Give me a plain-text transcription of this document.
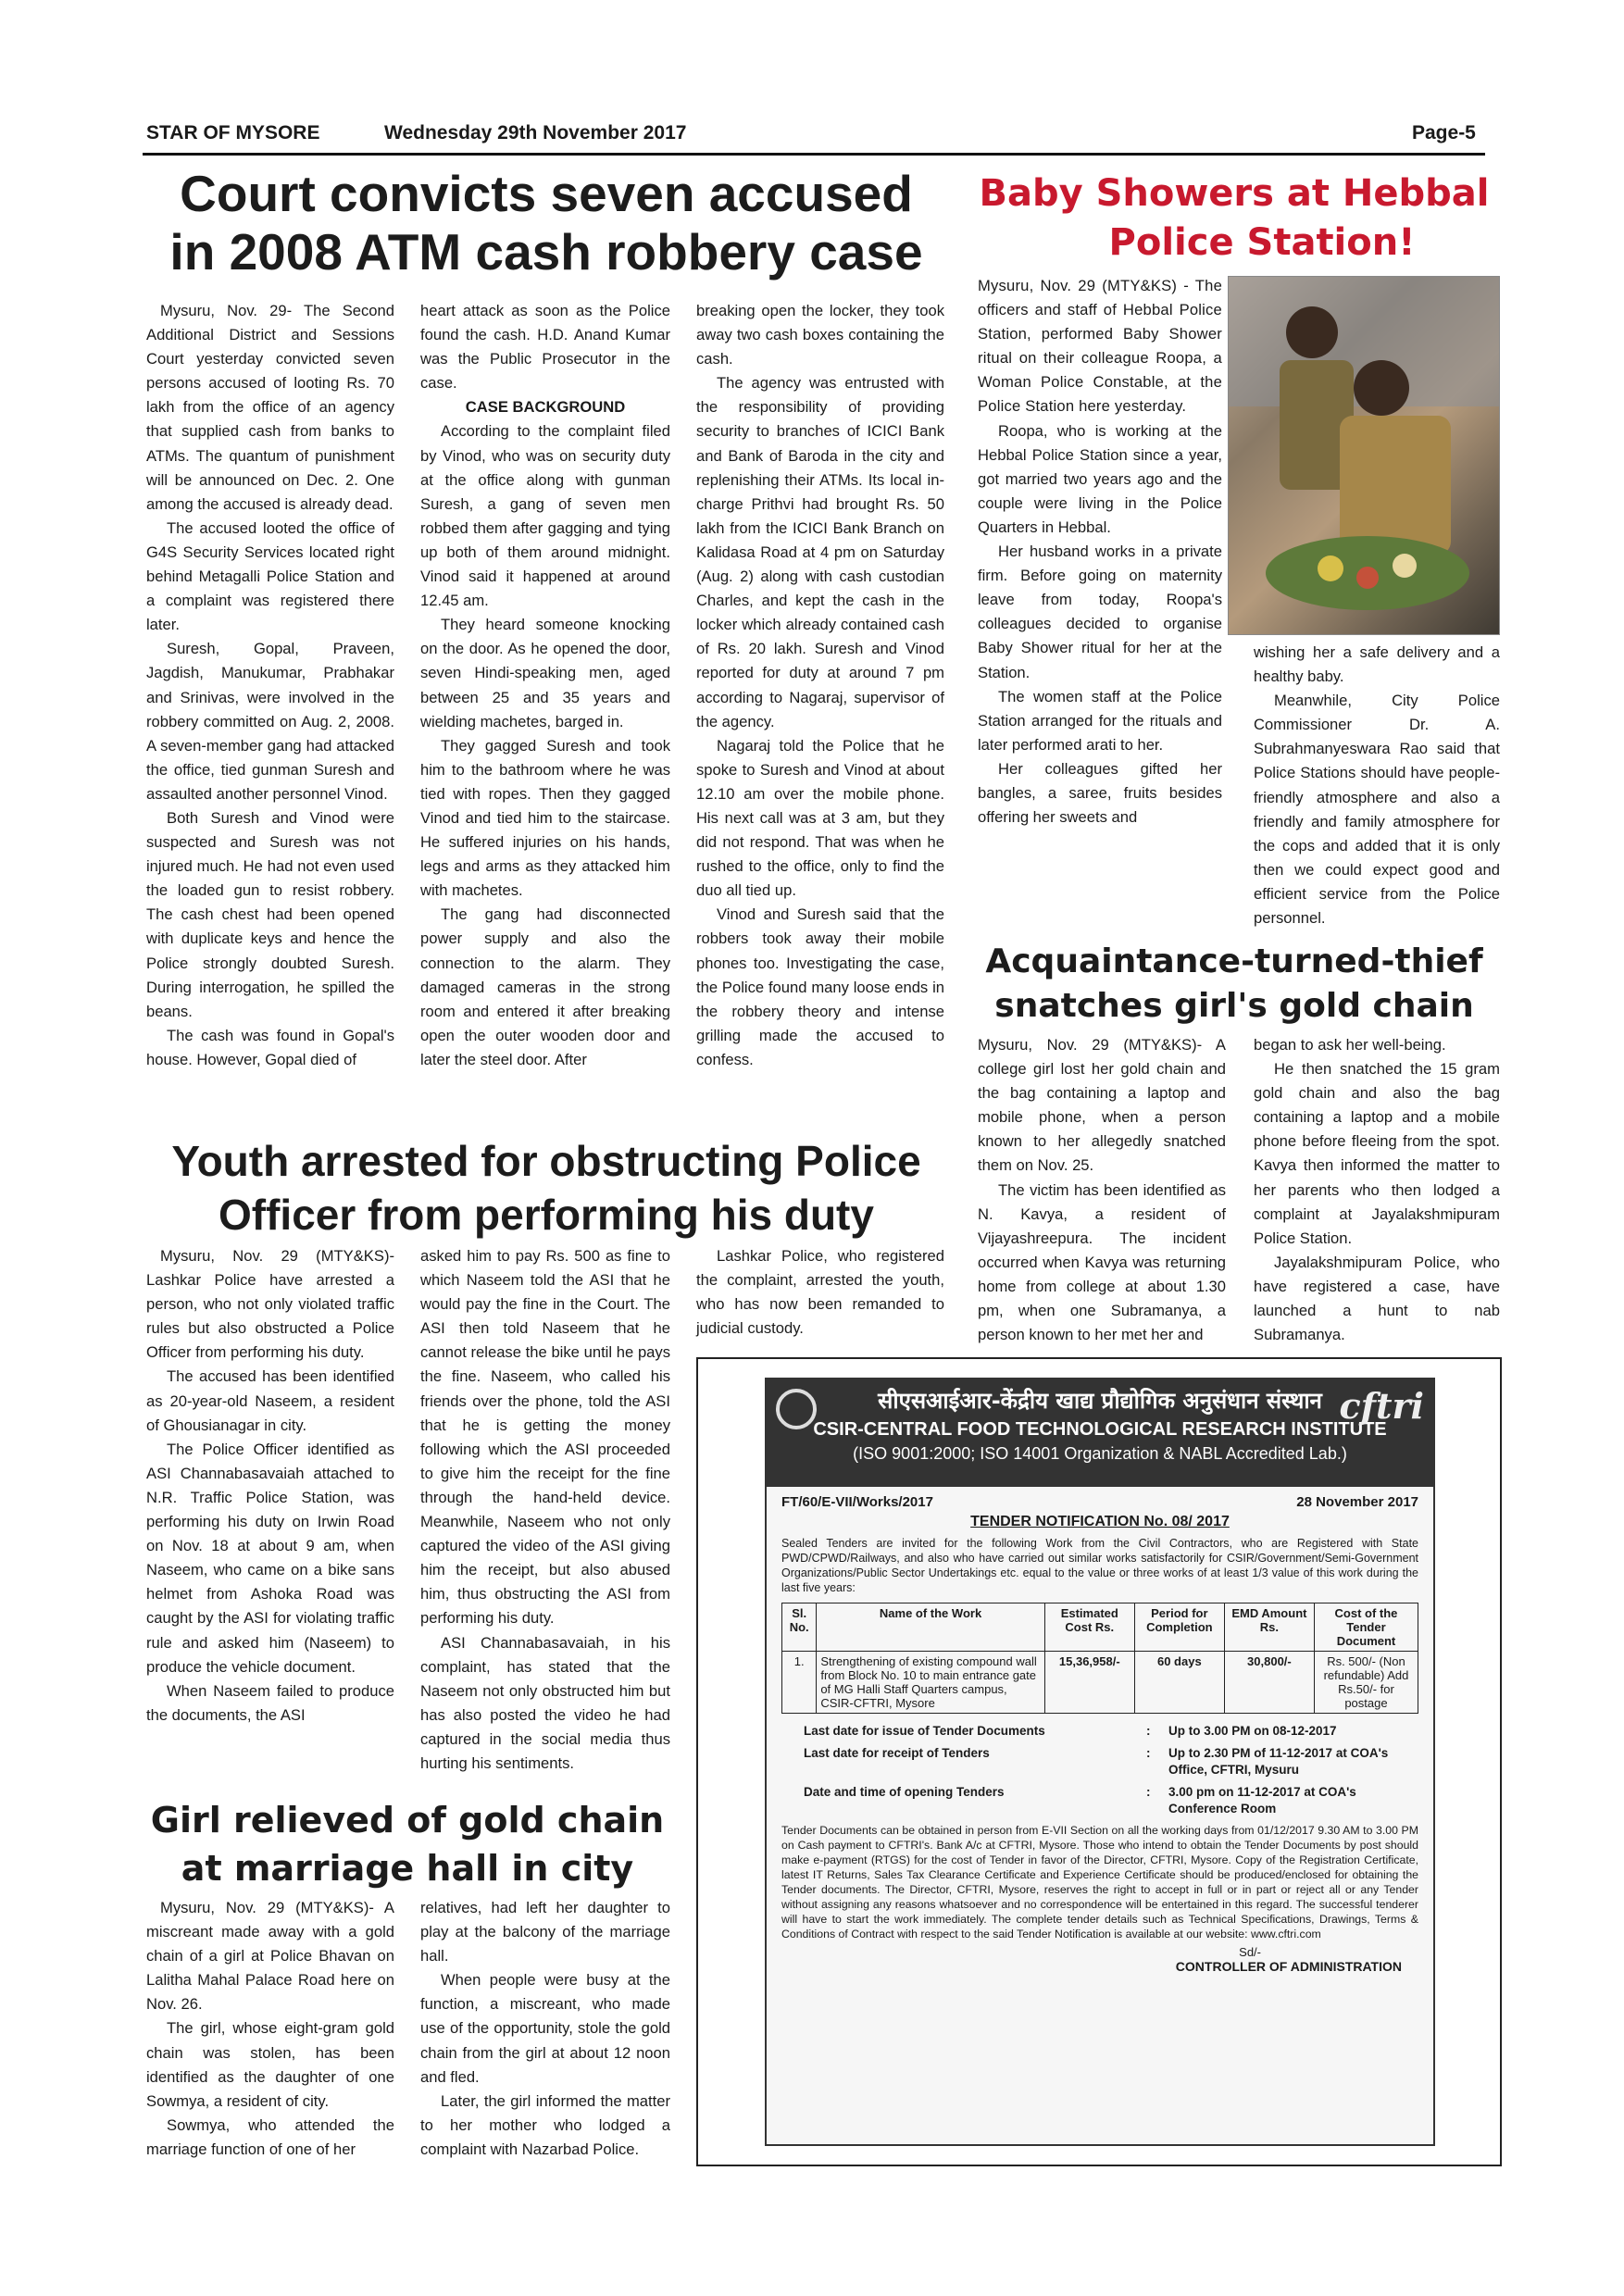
STAR OF MYSORE	Wednesday 29th November 2017	Page-5
Court convicts seven accused
in 2008 ATM cash robbery case

Mysuru, Nov. 29- The Second Additional District and Sessions Court yesterday convicted seven persons accused of looting Rs. 70 lakh from the office of an agency that supplied cash from banks to ATMs. The quantum of punishment will be announced on Dec. 2. One among the accused is already dead.

The accused looted the office of G4S Security Services located right behind Metagalli Police Station and a complaint was registered there later.

Suresh, Gopal, Praveen, Jagdish, Manukumar, Prabhakar and Srinivas, were involved in the robbery committed on Aug. 2, 2008. A seven-member gang had attacked the office, tied gunman Suresh and assaulted another personnel Vinod.

Both Suresh and Vinod were suspected and Suresh was not injured much. He had not even used the loaded gun to resist robbery. The cash chest had been opened with duplicate keys and hence the Police strongly doubted Suresh. During interrogation, he spilled the beans.

The cash was found in Gopal's house. However, Gopal died of

heart attack as soon as the Police found the cash. H.D. Anand Kumar was the Public Prosecutor in the case.

CASE BACKGROUND

According to the complaint filed by Vinod, who was on security duty at the office along with gunman Suresh, a gang of seven men robbed them after gagging and tying up both of them around midnight. Vinod said it happened at around 12.45 am.

They heard someone knocking on the door. As he opened the door, seven Hindi-speaking men, aged between 25 and 35 years and wielding machetes, barged in.

They gagged Suresh and took him to the bathroom where he was tied with ropes. Then they gagged Vinod and tied him to the staircase. He suffered injuries on his hands, legs and arms as they attacked him with machetes.

The gang had disconnected power supply and also the connection to the alarm. They damaged cameras in the strong room and entered it after breaking open the outer wooden door and later the steel door. After

breaking open the locker, they took away two cash boxes containing the cash.

The agency was entrusted with the responsibility of providing security to branches of ICICI Bank and Bank of Baroda in the city and replenishing their ATMs. Its local in-charge Prithvi had brought Rs. 50 lakh from the ICICI Bank Branch on Kalidasa Road at 4 pm on Saturday (Aug. 2) along with cash custodian Charles, and kept the cash in the locker which already contained cash of Rs. 20 lakh. Suresh and Vinod reported for duty at around 7 pm according to Nagaraj, supervisor of the agency.

Nagaraj told the Police that he spoke to Suresh and Vinod at about 12.10 am over the mobile phone. His next call was at 3 am, but they did not respond. That was when he rushed to the office, only to find the duo all tied up.

Vinod and Suresh said that the robbers took away their mobile phones too. Investigating the case, the Police found many loose ends in the robbery theory and intense grilling made the accused to confess.

Baby Showers at Hebbal
Police Station!

Mysuru, Nov. 29 (MTY&KS) - The officers and staff of Hebbal Police Station, performed Baby Shower ritual on their colleague Roopa, a Woman Police Constable, at the Police Station here yesterday.

Roopa, who is working at the Hebbal Police Station since a year, got married two years ago and the couple were living in the Police Quarters in Hebbal.

Her husband works in a private firm. Before going on maternity leave from today, Roopa's colleagues decided to organise Baby Shower ritual for her at the Station.

The women staff at the Police Station arranged for the rituals and later performed arati to her.

Her colleagues gifted her bangles, a saree, fruits besides offering her sweets and

wishing her a safe delivery and a healthy baby.

Meanwhile, City Police Commissioner Dr. A. Subrahmanyeswara Rao said that Police Stations should have people-friendly atmosphere and also a friendly and family atmosphere for the cops and added that it is only then we could expect good and efficient service from the Police personnel.

Acquaintance-turned-thief
snatches girl's gold chain

Mysuru, Nov. 29 (MTY&KS)- A college girl lost her gold chain and the bag containing a laptop and mobile phone, when a person known to her allegedly snatched them on Nov. 25.

The victim has been identified as N. Kavya, a resident of Vijayashreepura. The incident occurred when Kavya was returning home from college at about 1.30 pm, when one Subramanya, a person known to her met her and

began to ask her well-being.

He then snatched the 15 gram gold chain and also the bag containing a laptop and a mobile phone before fleeing from the spot. Kavya then informed the matter to her parents who then lodged a complaint at Jayalakshmipuram Police Station.

Jayalakshmipuram Police, who have registered a case, have launched a hunt to nab Subramanya.

Youth arrested for obstructing Police
Officer from performing his duty

Mysuru, Nov. 29 (MTY&KS)- Lashkar Police have arrested a person, who not only violated traffic rules but also obstructed a Police Officer from performing his duty.

The accused has been identified as 20-year-old Naseem, a resident of Ghousianagar in city.

The Police Officer identified as ASI Channabasavaiah attached to N.R. Traffic Police Station, was performing his duty on Irwin Road on Nov. 18 at about 9 am, when Naseem, who came on a bike sans helmet from Ashoka Road was caught by the ASI for violating traffic rule and asked him (Naseem) to produce the vehicle document.

When Naseem failed to produce the documents, the ASI

asked him to pay Rs. 500 as fine to which Naseem told the ASI that he would pay the fine in the Court. The ASI then told Naseem that he cannot release the bike until he pays the fine. Naseem, who called his friends over the phone, told the ASI that he is getting the money following which the ASI proceeded to give him the receipt for the fine through the hand-held device. Meanwhile, Naseem who not only captured the video of the ASI giving him the receipt, but also abused him, thus obstructing the ASI from performing his duty.

ASI Channabasavaiah, in his complaint, has stated that the Naseem not only obstructed him but has also posted the video he had captured in the social media thus hurting his sentiments.

Lashkar Police, who registered the complaint, arrested the youth, who has now been remanded to judicial custody.

Girl relieved of gold chain
at marriage hall in city

Mysuru, Nov. 29 (MTY&KS)- A miscreant made away with a gold chain of a girl at Police Bhavan on Lalitha Mahal Palace Road here on Nov. 26.

The girl, whose eight-gram gold chain was stolen, has been identified as the daughter of one Sowmya, a resident of city.

Sowmya, who attended the marriage function of one of her

relatives, had left her daughter to play at the balcony of the marriage hall.

When people were busy at the function, a miscreant, who made use of the opportunity, stole the gold chain from the girl at about 12 noon and fled.

Later, the girl informed the matter to her mother who lodged a complaint with Nazarbad Police.

cftri
सीएसआईआर-केंद्रीय खाद्य प्रौद्योगिक अनुसंधान संस्थान
CSIR-CENTRAL FOOD TECHNOLOGICAL RESEARCH INSTITUTE
(ISO 9001:2000; ISO 14001 Organization & NABL Accredited Lab.)
FT/60/E-VII/Works/2017	28 November 2017
TENDER NOTIFICATION No. 08/ 2017
Sealed Tenders are invited for the following Work from the Civil Contractors, who are Registered with State PWD/CPWD/Railways, and also who have carried out similar works satisfactorily for CSIR/Government/Semi-Government Organizations/Public Sector Undertakings etc. equal to the value or three works of at least 1/3 value of this work during the last five years:
Sl. No.	Name of the Work	Estimated Cost Rs.	Period for Completion	EMD Amount Rs.	Cost of the Tender Document
1.	Strengthening of existing compound wall from Block No. 10 to main entrance gate of MG Halli Staff Quarters campus, CSIR-CFTRI, Mysore	15,36,958/-	60 days	30,800/-	Rs. 500/- (Non refundable) Add Rs.50/- for postage
Last date for issue of Tender Documents	:	Up to 3.00 PM on 08-12-2017
Last date for receipt of Tenders	:	Up to 2.30 PM of 11-12-2017 at COA's Office, CFTRI, Mysuru
Date and time of opening Tenders	:	3.00 pm on 11-12-2017 at COA's Conference Room
Tender Documents can be obtained in person from E-VII Section on all the working days from 01/12/2017 9.30 AM to 3.00 PM on Cash payment to CFTRI's. Bank A/c at CFTRI, Mysore. Those who intend to obtain the Tender Documents by post should make e-payment (RTGS) for the cost of Tender in favor of the Director, CFTRI, Mysore. Copy of the Registration Certificate, latest IT Returns, Sales Tax Clearance Certificate and Experience Certificate should be produced/enclosed for obtaining the Tender documents. The Director, CFTRI, Mysore, reserves the right to accept in full or in part or reject all or any Tender without assigning any reasons whatsoever and no correspondence will be entertained in this regard. The successful tenderer will have to start the work immediately. The complete tender details such as Technical Specifications, Drawings, Terms & Conditions of Contract with respect to the said Tender Notification is available at our website: www.cftri.com
Sd/-
CONTROLLER OF ADMINISTRATION
